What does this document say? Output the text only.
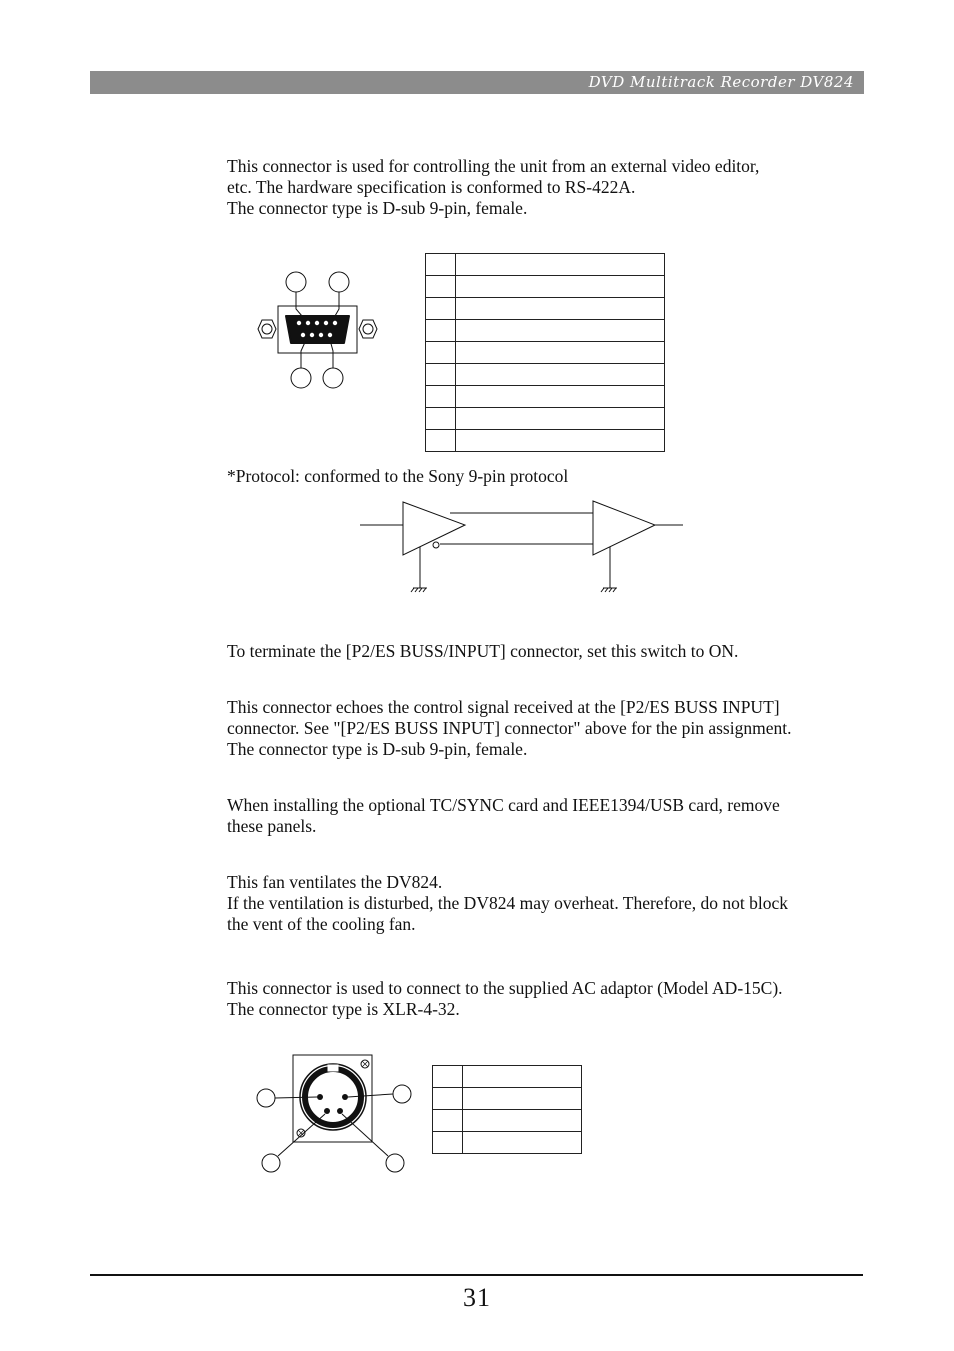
DVD Multitrack Recorder DV824
This connector is used for controlling the unit from an external video editor,
etc. The hardware specification is conformed to RS-422A.
The connector type is D-sub 9-pin, female.

*Protocol: conformed to the Sony 9-pin protocol
To terminate the [P2/ES BUSS/INPUT] connector, set this switch to ON.
This connector echoes the control signal received at the [P2/ES BUSS INPUT]
connector. See "[P2/ES BUSS INPUT] connector" above for the pin assignment.
The connector type is D-sub 9-pin, female.
When installing the optional TC/SYNC card and IEEE1394/USB card, remove
these panels.
This fan ventilates the DV824.
If the ventilation is disturbed, the DV824 may overheat. Therefore, do not block
the vent of the cooling fan.
This connector is used to connect to the supplied AC adaptor (Model AD-15C).
The connector type is XLR-4-32.

31
